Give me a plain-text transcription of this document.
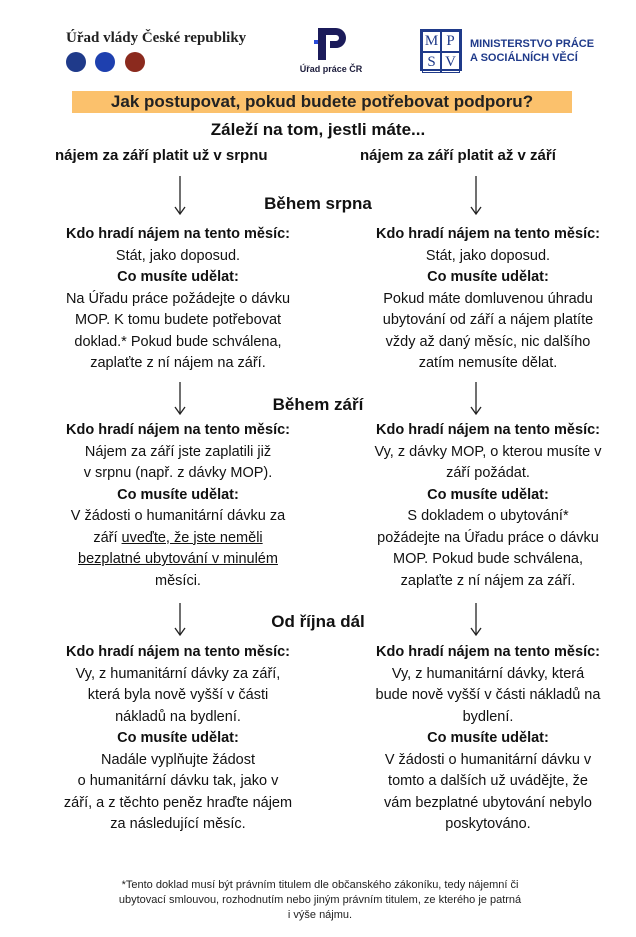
Úřad vlády České republiky

Úřad práce ČR
M P
S V
MINISTERSTVO PRÁCE
A SOCIÁLNÍCH VĚCÍ
Jak postupovat, pokud budete potřebovat podporu?
Záleží na tom, jestli máte...
nájem za září platit už v srpnu	nájem za září platit až v září
Během srpna
Kdo hradí nájem na tento měsíc:
Stát, jako doposud.
Co musíte udělat:
Na Úřadu práce požádejte o dávku
MOP. K tomu budete potřebovat
doklad.* Pokud bude schválena,
zaplaťte z ní nájem na září.
Kdo hradí nájem na tento měsíc:
Stát, jako doposud.
Co musíte udělat:
Pokud máte domluvenou úhradu
ubytování od září a nájem platíte
vždy až daný měsíc, nic dalšího
zatím nemusíte dělat.
Během září
Kdo hradí nájem na tento měsíc:
Nájem za září jste zaplatili již
v srpnu (např. z dávky MOP).
Co musíte udělat:
V žádosti o humanitární dávku za
září uveďte, že jste neměli
bezplatné ubytování v minulém
měsíci.
Kdo hradí nájem na tento měsíc:
Vy, z dávky MOP, o kterou musíte v
září požádat.
Co musíte udělat:
S dokladem o ubytování*
požádejte na Úřadu práce o dávku
MOP. Pokud bude schválena,
zaplaťte z ní nájem za září.
Od října dál
Kdo hradí nájem na tento měsíc:
Vy, z humanitární dávky za září,
která byla nově vyšší v části
nákladů na bydlení.
Co musíte udělat:
Nadále vyplňujte žádost
o humanitární dávku tak, jako v
září, a z těchto peněz hraďte nájem
za následující měsíc.
Kdo hradí nájem na tento měsíc:
Vy, z humanitární dávky, která
bude nově vyšší v části nákladů na
bydlení.
Co musíte udělat:
V žádosti o humanitární dávku v
tomto a dalších už uvádějte, že
vám bezplatné ubytování nebylo
poskytováno.
*Tento doklad musí být právním titulem dle občanského zákoníku, tedy nájemní či
ubytovací smlouvou, rozhodnutím nebo jiným právním titulem, ze kterého je patrná
i výše nájmu.
